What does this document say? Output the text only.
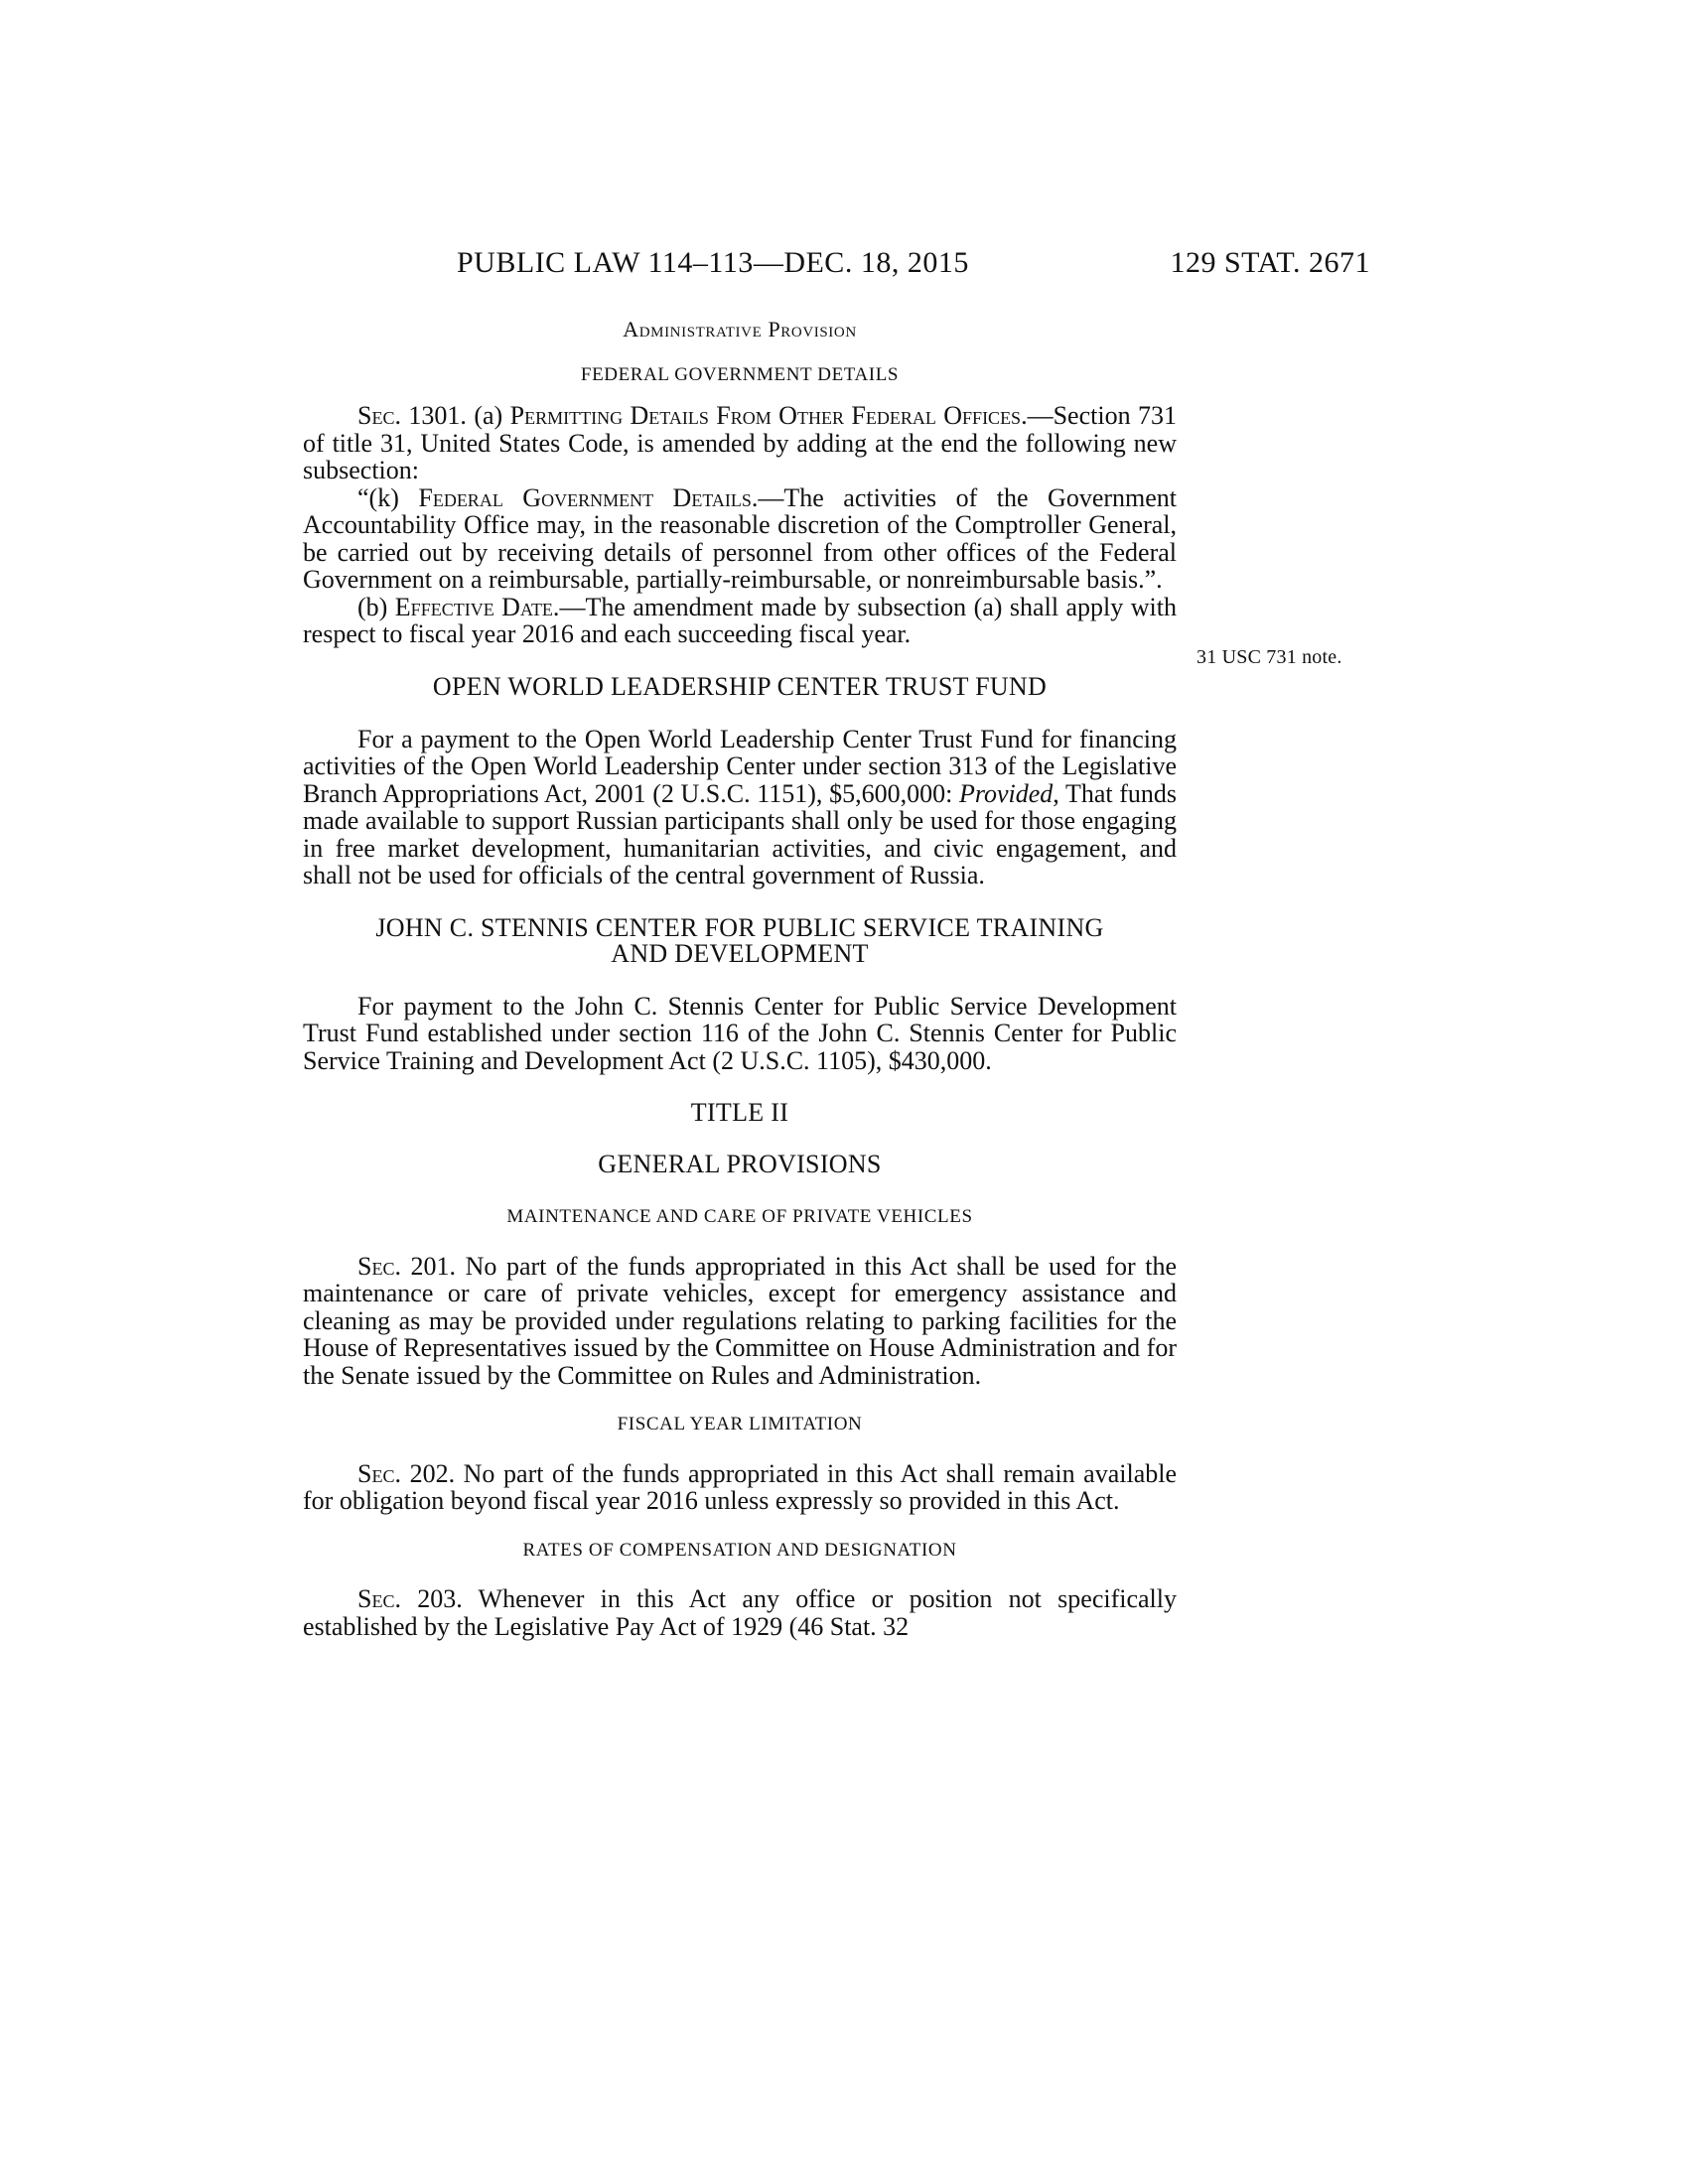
PUBLIC LAW 114–113—DEC. 18, 2015	129 STAT. 2671
31 USC 731 note.

Administrative Provision

FEDERAL GOVERNMENT DETAILS

Sec. 1301. (a) Permitting Details From Other Federal Offices.—Section 731 of title 31, United States Code, is amended by adding at the end the following new subsection:

“(k) Federal Government Details.—The activities of the Government Accountability Office may, in the reasonable discretion of the Comptroller General, be carried out by receiving details of personnel from other offices of the Federal Government on a reimbursable, partially-reimbursable, or nonreimbursable basis.”.

(b) Effective Date.—The amendment made by subsection (a) shall apply with respect to fiscal year 2016 and each succeeding fiscal year.

OPEN WORLD LEADERSHIP CENTER TRUST FUND

For a payment to the Open World Leadership Center Trust Fund for financing activities of the Open World Leadership Center under section 313 of the Legislative Branch Appropriations Act, 2001 (2 U.S.C. 1151), $5,600,000: Provided, That funds made available to support Russian participants shall only be used for those engaging in free market development, humanitarian activities, and civic engagement, and shall not be used for officials of the central government of Russia.

JOHN C. STENNIS CENTER FOR PUBLIC SERVICE TRAINING

AND DEVELOPMENT

For payment to the John C. Stennis Center for Public Service Development Trust Fund established under section 116 of the John C. Stennis Center for Public Service Training and Development Act (2 U.S.C. 1105), $430,000.

TITLE II

GENERAL PROVISIONS

MAINTENANCE AND CARE OF PRIVATE VEHICLES

Sec. 201. No part of the funds appropriated in this Act shall be used for the maintenance or care of private vehicles, except for emergency assistance and cleaning as may be provided under regulations relating to parking facilities for the House of Representatives issued by the Committee on House Administration and for the Senate issued by the Committee on Rules and Administration.

FISCAL YEAR LIMITATION

Sec. 202. No part of the funds appropriated in this Act shall remain available for obligation beyond fiscal year 2016 unless expressly so provided in this Act.

RATES OF COMPENSATION AND DESIGNATION

Sec. 203. Whenever in this Act any office or position not specifically established by the Legislative Pay Act of 1929 (46 Stat. 32
